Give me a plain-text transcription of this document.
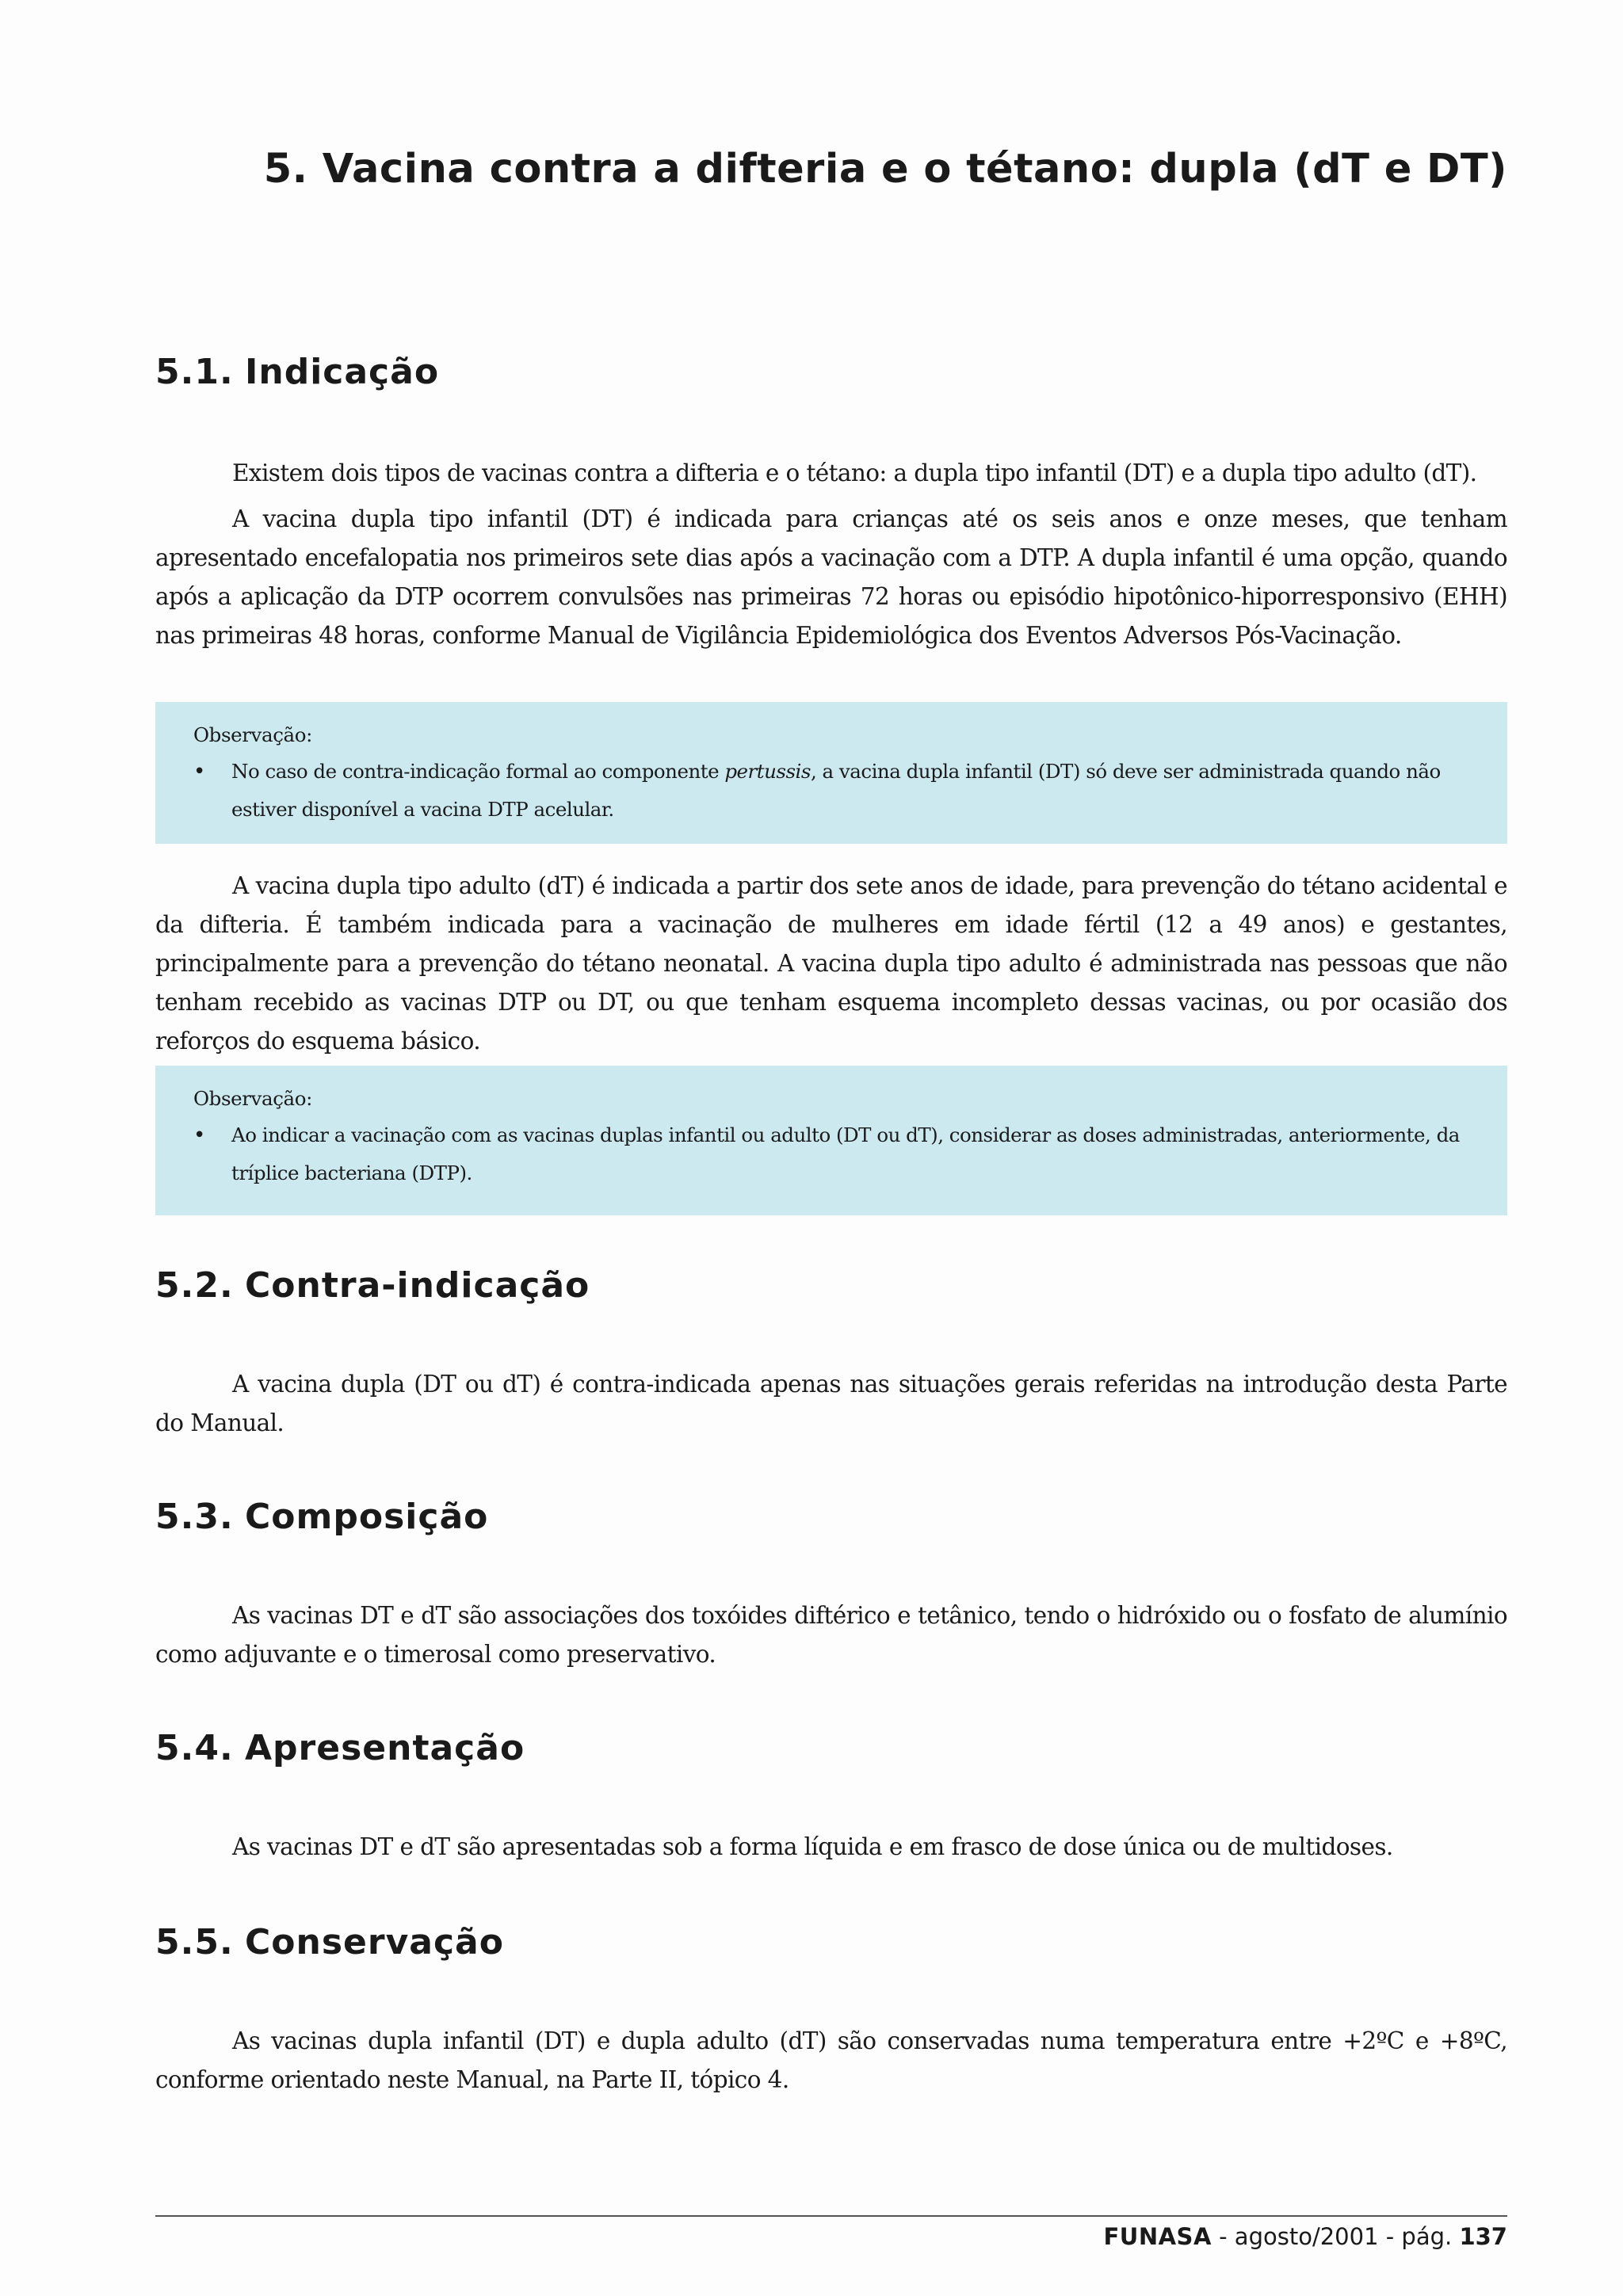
5. Vacina contra a difteria e o tétano: dupla (dT e DT)
5.1. Indicação

Existem dois tipos de vacinas contra a difteria e o tétano: a dupla tipo infantil (DT) e a dupla tipo adulto (dT).

A vacina dupla tipo infantil (DT) é indicada para crianças até os seis anos e onze meses, que tenham apresentado encefalopatia nos primeiros sete dias após a vacinação com a DTP. A dupla infantil é uma opção, quando após a aplicação da DTP ocorrem convulsões nas primeiras 72 horas ou episódio hipotônico-hiporresponsivo (EHH) nas primeiras 48 horas, conforme Manual de Vigilância Epidemiológica dos Eventos Adversos Pós-Vacinação.

Observação:

• No caso de contra-indicação formal ao componente pertussis, a vacina dupla infantil (DT) só deve ser administrada quando não estiver disponível a vacina DTP acelular.

A vacina dupla tipo adulto (dT) é indicada a partir dos sete anos de idade, para prevenção do tétano acidental e da difteria. É também indicada para a vacinação de mulheres em idade fértil (12 a 49 anos) e gestantes, principalmente para a prevenção do tétano neonatal. A vacina dupla tipo adulto é administrada nas pessoas que não tenham recebido as vacinas DTP ou DT, ou que tenham esquema incompleto dessas vacinas, ou por ocasião dos reforços do esquema básico.

Observação:

• Ao indicar a vacinação com as vacinas duplas infantil ou adulto (DT ou dT), considerar as doses administradas, anteriormente, da tríplice bacteriana (DTP).

5.2. Contra-indicação

A vacina dupla (DT ou dT) é contra-indicada apenas nas situações gerais referidas na introdução desta Parte do Manual.

5.3. Composição

As vacinas DT e dT são associações dos toxóides diftérico e tetânico, tendo o hidróxido ou o fosfato de alumínio como adjuvante e o timerosal como preservativo.

5.4. Apresentação

As vacinas DT e dT são apresentadas sob a forma líquida e em frasco de dose única ou de multidoses.

5.5. Conservação

As vacinas dupla infantil (DT) e dupla adulto (dT) são conservadas numa temperatura entre +2ºC e +8ºC, conforme orientado neste Manual, na Parte II, tópico 4.

FUNASA - agosto/2001 - pág. 137
